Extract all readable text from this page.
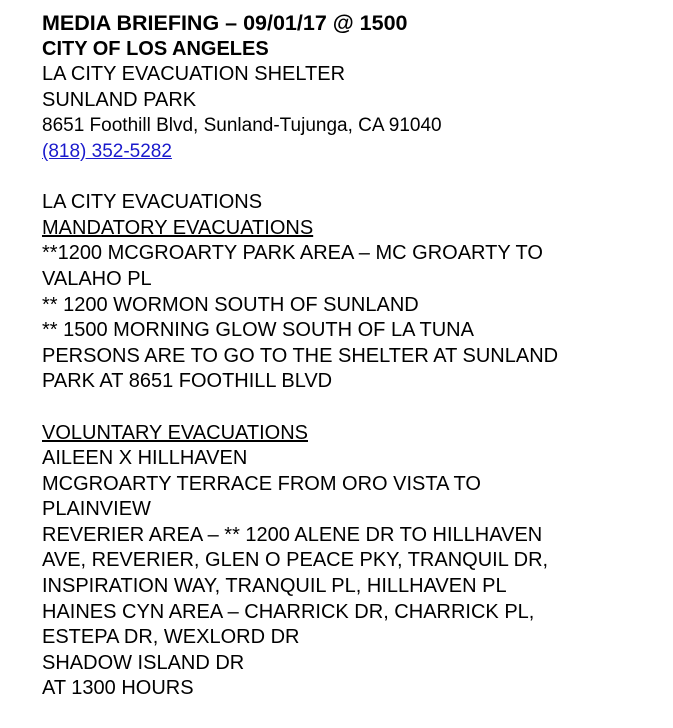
MEDIA BRIEFING – 09/01/17 @ 1500
CITY OF LOS ANGELES
LA CITY EVACUATION SHELTER
SUNLAND PARK
8651 Foothill Blvd, Sunland-Tujunga, CA 91040
(818) 352-5282
LA CITY EVACUATIONS
MANDATORY EVACUATIONS
**1200 MCGROARTY PARK AREA – MC GROARTY TO
VALAHO PL
** 1200 WORMON SOUTH OF SUNLAND
** 1500 MORNING GLOW SOUTH OF LA TUNA
PERSONS ARE TO GO TO THE SHELTER AT SUNLAND
PARK AT 8651 FOOTHILL BLVD
VOLUNTARY EVACUATIONS
AILEEN X HILLHAVEN
MCGROARTY TERRACE FROM ORO VISTA TO
PLAINVIEW
REVERIER AREA – ** 1200 ALENE DR TO HILLHAVEN
AVE, REVERIER, GLEN O PEACE PKY, TRANQUIL DR,
INSPIRATION WAY, TRANQUIL PL, HILLHAVEN PL
HAINES CYN AREA – CHARRICK DR, CHARRICK PL,
ESTEPA DR, WEXLORD DR
SHADOW ISLAND DR
AT 1300 HOURS
